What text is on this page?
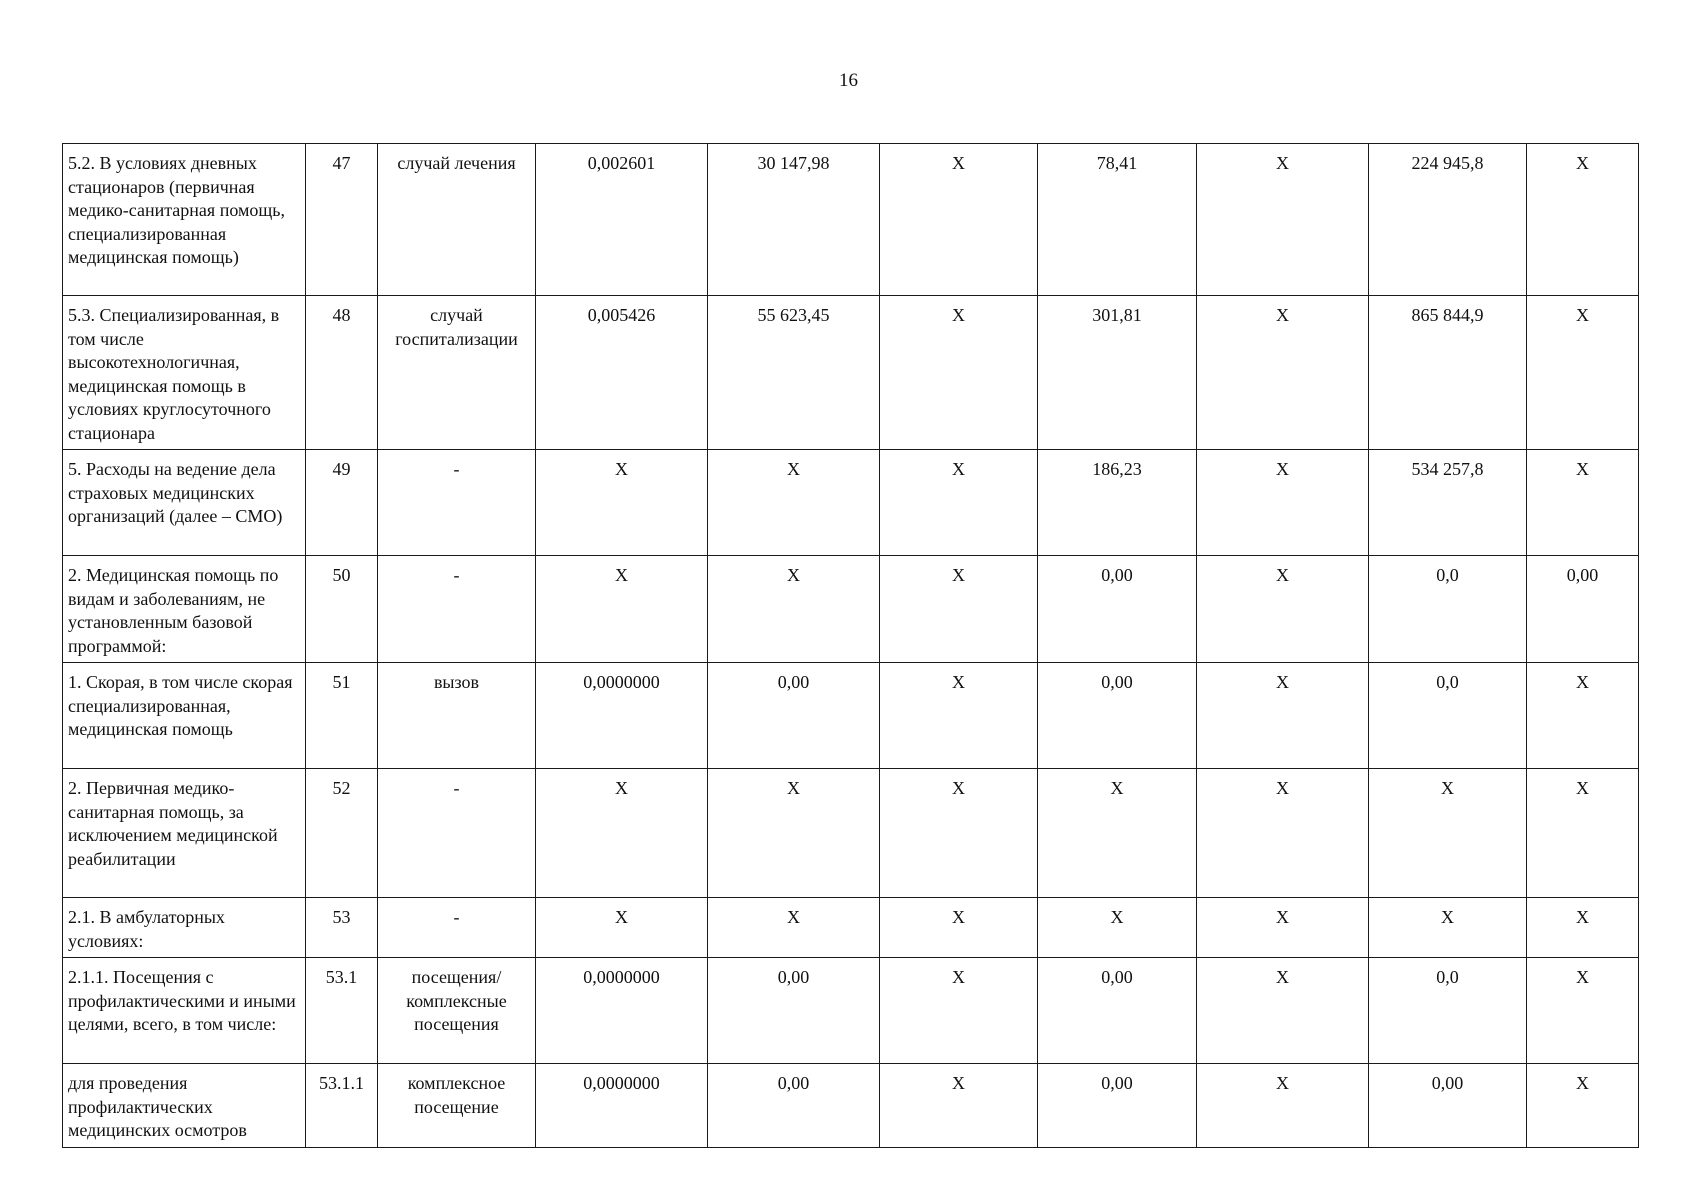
16
5.2. В условиях дневных стационаров (первичная медико-санитарная помощь, специализированная медицинская помощь)	47	случай лечения	0,002601	30 147,98	X	78,41	X	224 945,8	X
5.3. Специализированная, в том числе высокотехнологичная, медицинская помощь в условиях круглосуточного стационара	48	случай госпитализации	0,005426	55 623,45	X	301,81	X	865 844,9	X
5. Расходы на ведение дела страховых медицинских организаций (далее – СМО)	49	-	X	X	X	186,23	X	534 257,8	X
2. Медицинская помощь по видам и заболеваниям, не установленным базовой программой:	50	-	X	X	X	0,00	X	0,0	0,00
1. Скорая, в том числе скорая специализированная, медицинская помощь	51	вызов	0,0000000	0,00	X	0,00	X	0,0	X
2. Первичная медико-санитарная помощь, за исключением медицинской реабилитации	52	-	X	X	X	X	X	X	X
2.1. В амбулаторных условиях:	53	-	X	X	X	X	X	X	X
2.1.1. Посещения с профилактическими и иными целями, всего, в том числе:	53.1	посещения/ комплексные посещения	0,0000000	0,00	X	0,00	X	0,0	X
для проведения профилактических медицинских осмотров	53.1.1	комплексное посещение	0,0000000	0,00	X	0,00	X	0,00	X
